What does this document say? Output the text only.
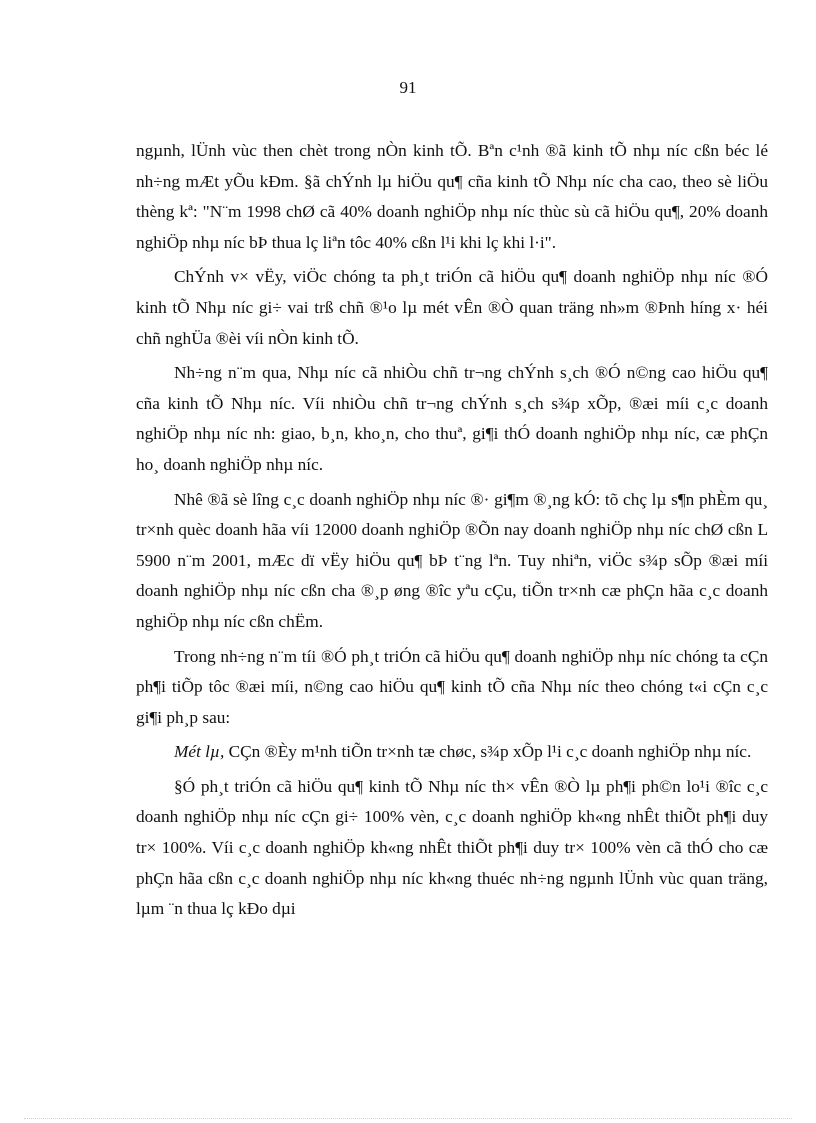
91

ngµnh, lÜnh vùc then chèt trong nÒn kinh tÕ. Bªn c¹nh ®ã kinh tÕ nhµ níc cßn béc lé nh÷ng mÆt yÕu kÐm. §ã chÝnh lµ hiÖu qu¶ cña kinh tÕ Nhµ níc cha cao, theo sè liÖu thèng kª: "N¨m 1998 chØ cã 40% doanh nghiÖp nhµ níc thùc sù cã hiÖu qu¶, 20% doanh nghiÖp nhµ níc bÞ thua lç liªn tôc 40% cßn l¹i khi lç khi l·i".

ChÝnh v× vËy, viÖc chóng ta ph¸t triÓn cã hiÖu qu¶ doanh nghiÖp nhµ níc ®Ó kinh tÕ Nhµ níc gi÷ vai trß chñ ®¹o lµ mét vÊn ®Ò quan träng nh»m ®Þnh híng x· héi chñ nghÜa ®èi víi nÒn kinh tÕ.

Nh÷ng n¨m qua, Nhµ níc cã nhiÒu chñ tr¬ng chÝnh s¸ch ®Ó n©ng cao hiÖu qu¶ cña kinh tÕ Nhµ níc. Víi nhiÒu chñ tr¬ng chÝnh s¸ch s¾p xÕp, ®æi míi c¸c doanh nghiÖp nhµ níc nh: giao, b¸n, kho¸n, cho thuª, gi¶i thÓ doanh nghiÖp nhµ níc, cæ phÇn ho¸ doanh nghiÖp nhµ níc.

Nhê ®ã sè lîng c¸c doanh nghiÖp nhµ níc ®· gi¶m ®¸ng kÓ: tõ chç lµ s¶n phÈm qu¸ tr×nh quèc doanh hãa víi 12000 doanh nghiÖp ®Õn nay doanh nghiÖp nhµ níc chØ cßn L 5900 n¨m 2001, mÆc dï vËy hiÖu qu¶ bÞ t¨ng lªn. Tuy nhiªn, viÖc s¾p sÕp ®æi míi doanh nghiÖp nhµ níc cßn cha ®¸p øng ®îc yªu cÇu, tiÕn tr×nh cæ phÇn hãa c¸c doanh nghiÖp nhµ níc cßn chËm.

Trong nh÷ng n¨m tíi ®Ó ph¸t triÓn cã hiÖu qu¶ doanh nghiÖp nhµ níc chóng ta cÇn ph¶i tiÕp tôc ®æi míi, n©ng cao hiÖu qu¶ kinh tÕ cña Nhµ níc theo chóng t«i cÇn c¸c gi¶i ph¸p sau:

Mét lµ, CÇn ®Èy m¹nh tiÕn tr×nh tæ chøc, s¾p xÕp l¹i c¸c doanh nghiÖp nhµ níc.

§Ó ph¸t triÓn cã hiÖu qu¶ kinh tÕ Nhµ níc th× vÊn ®Ò lµ ph¶i ph©n lo¹i ®îc c¸c doanh nghiÖp nhµ níc cÇn gi÷ 100% vèn, c¸c doanh nghiÖp kh«ng nhÊt thiÕt ph¶i duy tr× 100%. Víi c¸c doanh nghiÖp kh«ng nhÊt thiÕt ph¶i duy tr× 100% vèn cã thÓ cho cæ phÇn hãa cßn c¸c doanh nghiÖp nhµ níc kh«ng thuéc nh÷ng ngµnh lÜnh vùc quan träng, lµm ¨n thua lç kÐo dµi
